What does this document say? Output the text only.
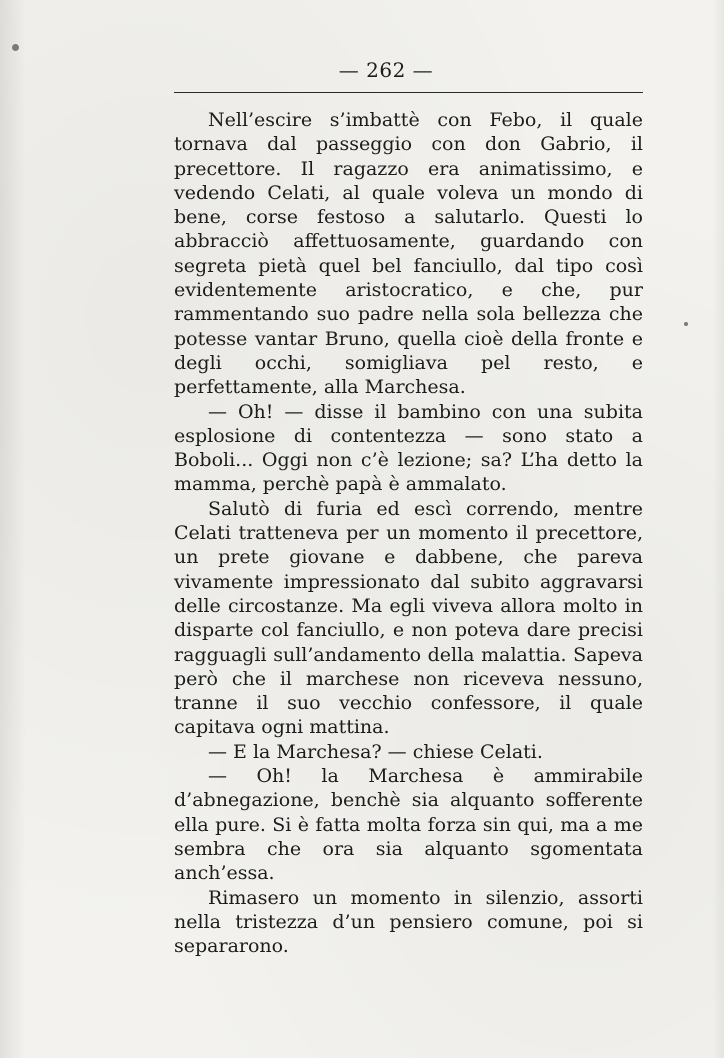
— 262 —

Nell’escire s’imbattè con Febo, il quale tornava dal passeggio con don Gabrio, il precettore. Il ragazzo era animatissimo, e vedendo Celati, al quale voleva un mondo di bene, corse festoso a salutarlo. Questi lo abbracciò affettuosamente, guardando con segreta pietà quel bel fanciullo, dal tipo così evidentemente aristocratico, e che, pur rammentando suo padre nella sola bellezza che potesse vantar Bruno, quella cioè della fronte e degli occhi, somigliava pel resto, e perfettamente, alla Marchesa.

— Oh! — disse il bambino con una subita esplosione di contentezza — sono stato a Boboli... Oggi non c’è lezione; sa? L’ha detto la mamma, perchè papà è ammalato.

Salutò di furia ed escì correndo, mentre Celati tratteneva per un momento il precettore, un prete giovane e dabbene, che pareva vivamente impressionato dal subito aggravarsi delle circostanze. Ma egli viveva allora molto in disparte col fanciullo, e non poteva dare precisi ragguagli sull’andamento della malattia. Sapeva però che il marchese non riceveva nessuno, tranne il suo vecchio confessore, il quale capitava ogni mattina.

— E la Marchesa? — chiese Celati.

— Oh! la Marchesa è ammirabile d’abnegazione, benchè sia alquanto sofferente ella pure. Si è fatta molta forza sin qui, ma a me sembra che ora sia alquanto sgomentata anch’essa.

Rimasero un momento in silenzio, assorti nella tristezza d’un pensiero comune, poi si separarono.
